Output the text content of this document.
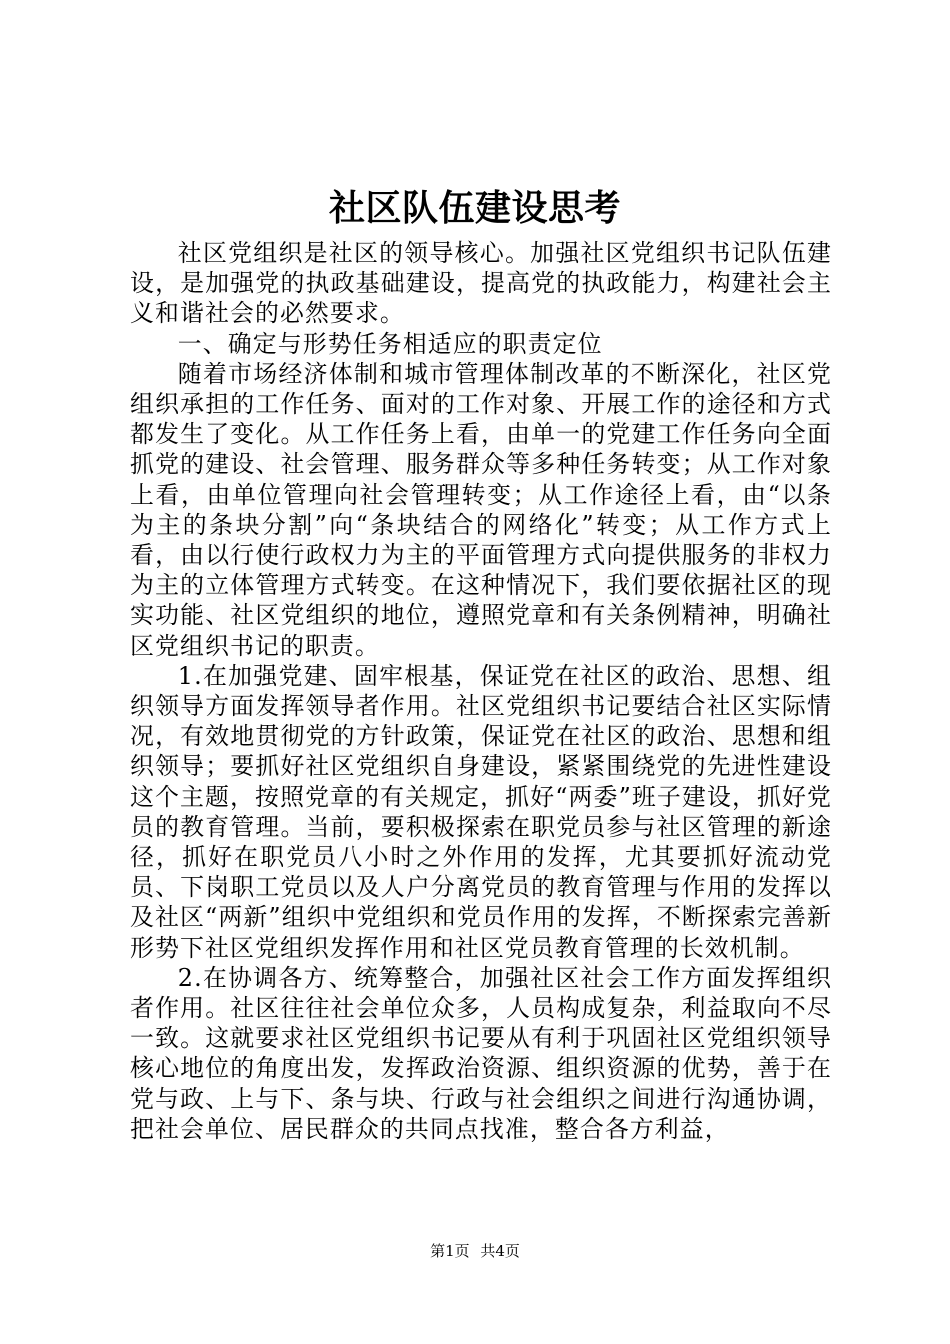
社区队伍建设思考

社区党组织是社区的领导核心。加强社区党组织书记队伍建设，是加强党的执政基础建设，提高党的执政能力，构建社会主义和谐社会的必然要求。

一、确定与形势任务相适应的职责定位

随着市场经济体制和城市管理体制改革的不断深化，社区党组织承担的工作任务、面对的工作对象、开展工作的途径和方式都发生了变化。从工作任务上看，由单一的党建工作任务向全面抓党的建设、社会管理、服务群众等多种任务转变；从工作对象上看，由单位管理向社会管理转变；从工作途径上看，由“以条为主的条块分割”向“条块结合的网络化”转变；从工作方式上看，由以行使行政权力为主的平面管理方式向提供服务的非权力为主的立体管理方式转变。在这种情况下，我们要依据社区的现实功能、社区党组织的地位，遵照党章和有关条例精神，明确社区党组织书记的职责。

1.在加强党建、固牢根基，保证党在社区的政治、思想、组织领导方面发挥领导者作用。社区党组织书记要结合社区实际情况，有效地贯彻党的方针政策，保证党在社区的政治、思想和组织领导；要抓好社区党组织自身建设，紧紧围绕党的先进性建设这个主题，按照党章的有关规定，抓好“两委”班子建设，抓好党员的教育管理。当前，要积极探索在职党员参与社区管理的新途径，抓好在职党员八小时之外作用的发挥，尤其要抓好流动党员、下岗职工党员以及人户分离党员的教育管理与作用的发挥以及社区“两新”组织中党组织和党员作用的发挥，不断探索完善新形势下社区党组织发挥作用和社区党员教育管理的长效机制。

2.在协调各方、统筹整合，加强社区社会工作方面发挥组织者作用。社区往往社会单位众多，人员构成复杂，利益取向不尽一致。这就要求社区党组织书记要从有利于巩固社区党组织领导核心地位的角度出发，发挥政治资源、组织资源的优势，善于在党与政、上与下、条与块、行政与社会组织之间进行沟通协调，把社会单位、居民群众的共同点找准，整合各方利益，

第1页 共4页
